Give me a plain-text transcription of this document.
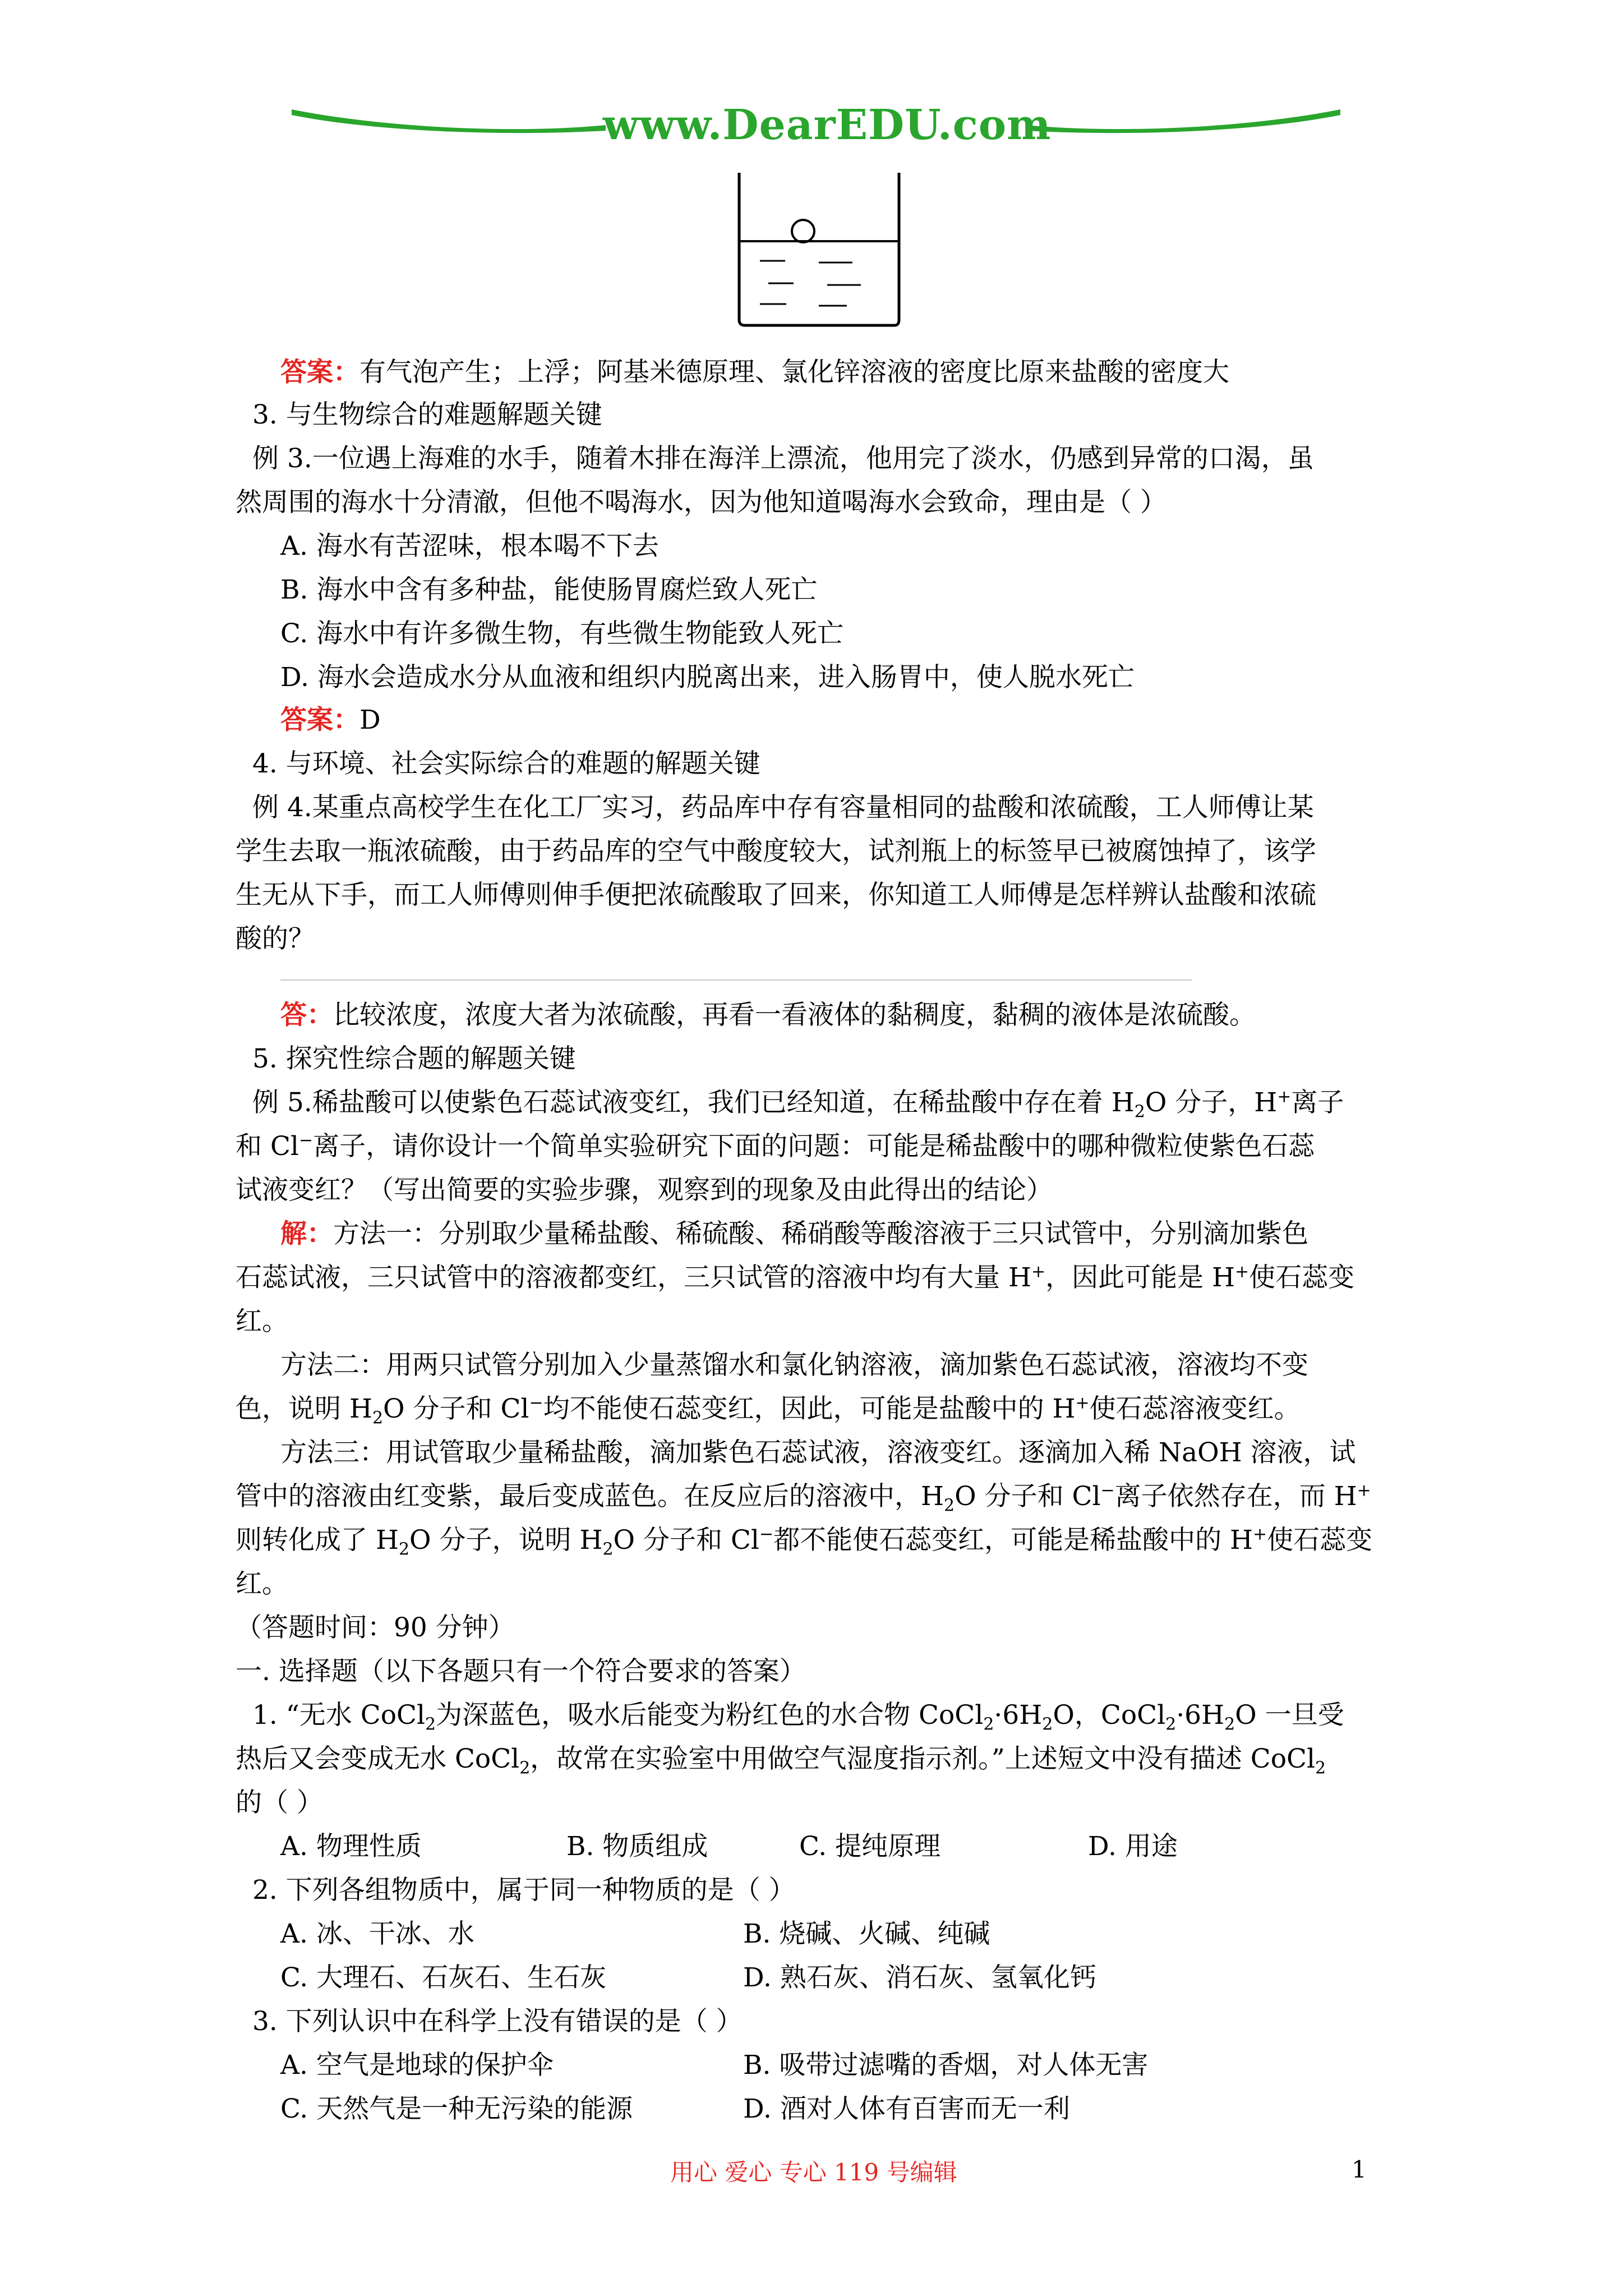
www.DearEDU.com
答案：有气泡产生；上浮；阿基米德原理、氯化锌溶液的密度比原来盐酸的密度大
3. 与生物综合的难题解题关键
例 3.一位遇上海难的水手，随着木排在海洋上漂流，他用完了淡水，仍感到异常的口渴，虽
然周围的海水十分清澈，但他不喝海水，因为他知道喝海水会致命，理由是（ ）
A. 海水有苦涩味，根本喝不下去
B. 海水中含有多种盐，能使肠胃腐烂致人死亡
C. 海水中有许多微生物，有些微生物能致人死亡
D. 海水会造成水分从血液和组织内脱离出来，进入肠胃中，使人脱水死亡
答案：D
4. 与环境、社会实际综合的难题的解题关键
例 4.某重点高校学生在化工厂实习，药品库中存有容量相同的盐酸和浓硫酸，工人师傅让某
学生去取一瓶浓硫酸，由于药品库的空气中酸度较大，试剂瓶上的标签早已被腐蚀掉了，该学
生无从下手，而工人师傅则伸手便把浓硫酸取了回来，你知道工人师傅是怎样辨认盐酸和浓硫
酸的？
答：比较浓度，浓度大者为浓硫酸，再看一看液体的黏稠度，黏稠的液体是浓硫酸。
5. 探究性综合题的解题关键
例 5.稀盐酸可以使紫色石蕊试液变红，我们已经知道，在稀盐酸中存在着 $H_2O$ 分子，H+离子
和 Cl−离子，请你设计一个简单实验研究下面的问题：可能是稀盐酸中的哪种微粒使紫色石蕊
试液变红？（写出简要的实验步骤，观察到的现象及由此得出的结论）
解：方法一：分别取少量稀盐酸、稀硫酸、稀硝酸等酸溶液于三只试管中，分别滴加紫色
石蕊试液，三只试管中的溶液都变红，三只试管的溶液中均有大量 H+，因此可能是 H+使石蕊变
红。
方法二：用两只试管分别加入少量蒸馏水和氯化钠溶液，滴加紫色石蕊试液，溶液均不变
色，说明 $H_2O$ 分子和 Cl−均不能使石蕊变红，因此，可能是盐酸中的 H+使石蕊溶液变红。
方法三：用试管取少量稀盐酸，滴加紫色石蕊试液，溶液变红。逐滴加入稀 NaOH 溶液，试
管中的溶液由红变紫，最后变成蓝色。在反应后的溶液中，$H_2O$ 分子和 Cl−离子依然存在，而 H+
则转化成了 $H_2O$ 分子，说明 $H_2O$ 分子和 Cl−都不能使石蕊变红，可能是稀盐酸中的 H+使石蕊变
红。
（答题时间：90 分钟）
一. 选择题（以下各题只有一个符合要求的答案）
1. “无水 CoCl$_2$为深蓝色，吸水后能变为粉红色的水合物 $CoCl_2\cdot 6H_2O$，$CoCl_2\cdot 6H_2O$ 一旦受
热后又会变成无水 CoCl$_2$，故常在实验室中用做空气湿度指示剂。”上述短文中没有描述 CoCl$_2$
的（ ）
A. 物理性质	B. 物质组成	C. 提纯原理	D. 用途
2. 下列各组物质中，属于同一种物质的是（ ）
A. 冰、干冰、水	B. 烧碱、火碱、纯碱
C. 大理石、石灰石、生石灰	D. 熟石灰、消石灰、氢氧化钙
3. 下列认识中在科学上没有错误的是（ ）
A. 空气是地球的保护伞	B. 吸带过滤嘴的香烟，对人体无害
C. 天然气是一种无污染的能源	D. 酒对人体有百害而无一利
用心 爱心 专心 119 号编辑	1
